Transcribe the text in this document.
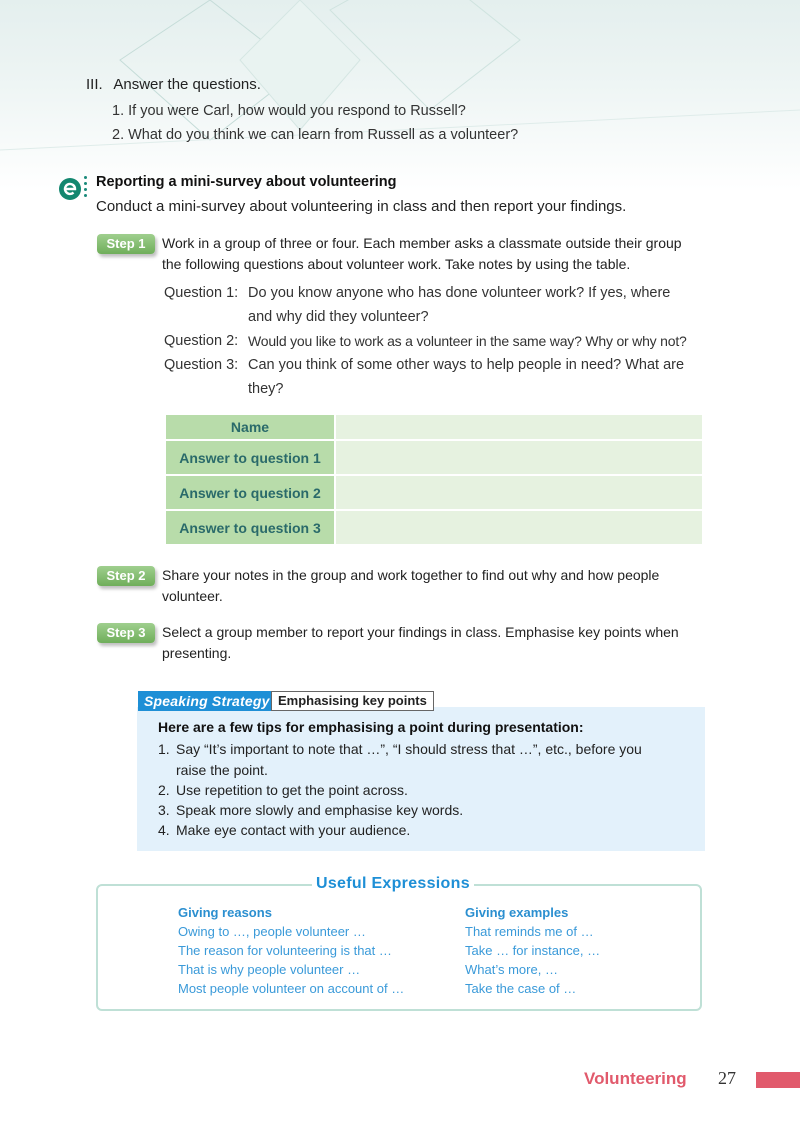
III. Answer the questions.
1. If you were Carl, how would you respond to Russell?
2. What do you think we can learn from Russell as a volunteer?
Reporting a mini-survey about volunteering
Conduct a mini-survey about volunteering in class and then report your findings.
Step 1	Work in a group of three or four. Each member asks a classmate outside their group
the following questions about volunteer work. Take notes by using the table.
Question 1: Do you know anyone who has done volunteer work? If yes, where
and why did they volunteer?
Question 2: Would you like to work as a volunteer in the same way? Why or why not?
Question 3: Can you think of some other ways to help people in need? What are
they?
Name	
Answer to question 1	
Answer to question 2	
Answer to question 3	
Step 2	Share your notes in the group and work together to find out why and how people
volunteer.
Step 3	Select a group member to report your findings in class. Emphasise key points when
presenting.
Speaking Strategy Emphasising key points
Here are a few tips for emphasising a point during presentation:
1. Say “It’s important to note that …”, “I should stress that …”, etc., before you
raise the point.
2. Use repetition to get the point across.
3. Speak more slowly and emphasise key words.
4. Make eye contact with your audience.
Useful Expressions
Giving reasons
Owing to …, people volunteer …
The reason for volunteering is that …
That is why people volunteer …
Most people volunteer on account of …
Giving examples
That reminds me of …
Take … for instance, …
What’s more, …
Take the case of …
Volunteering 27
